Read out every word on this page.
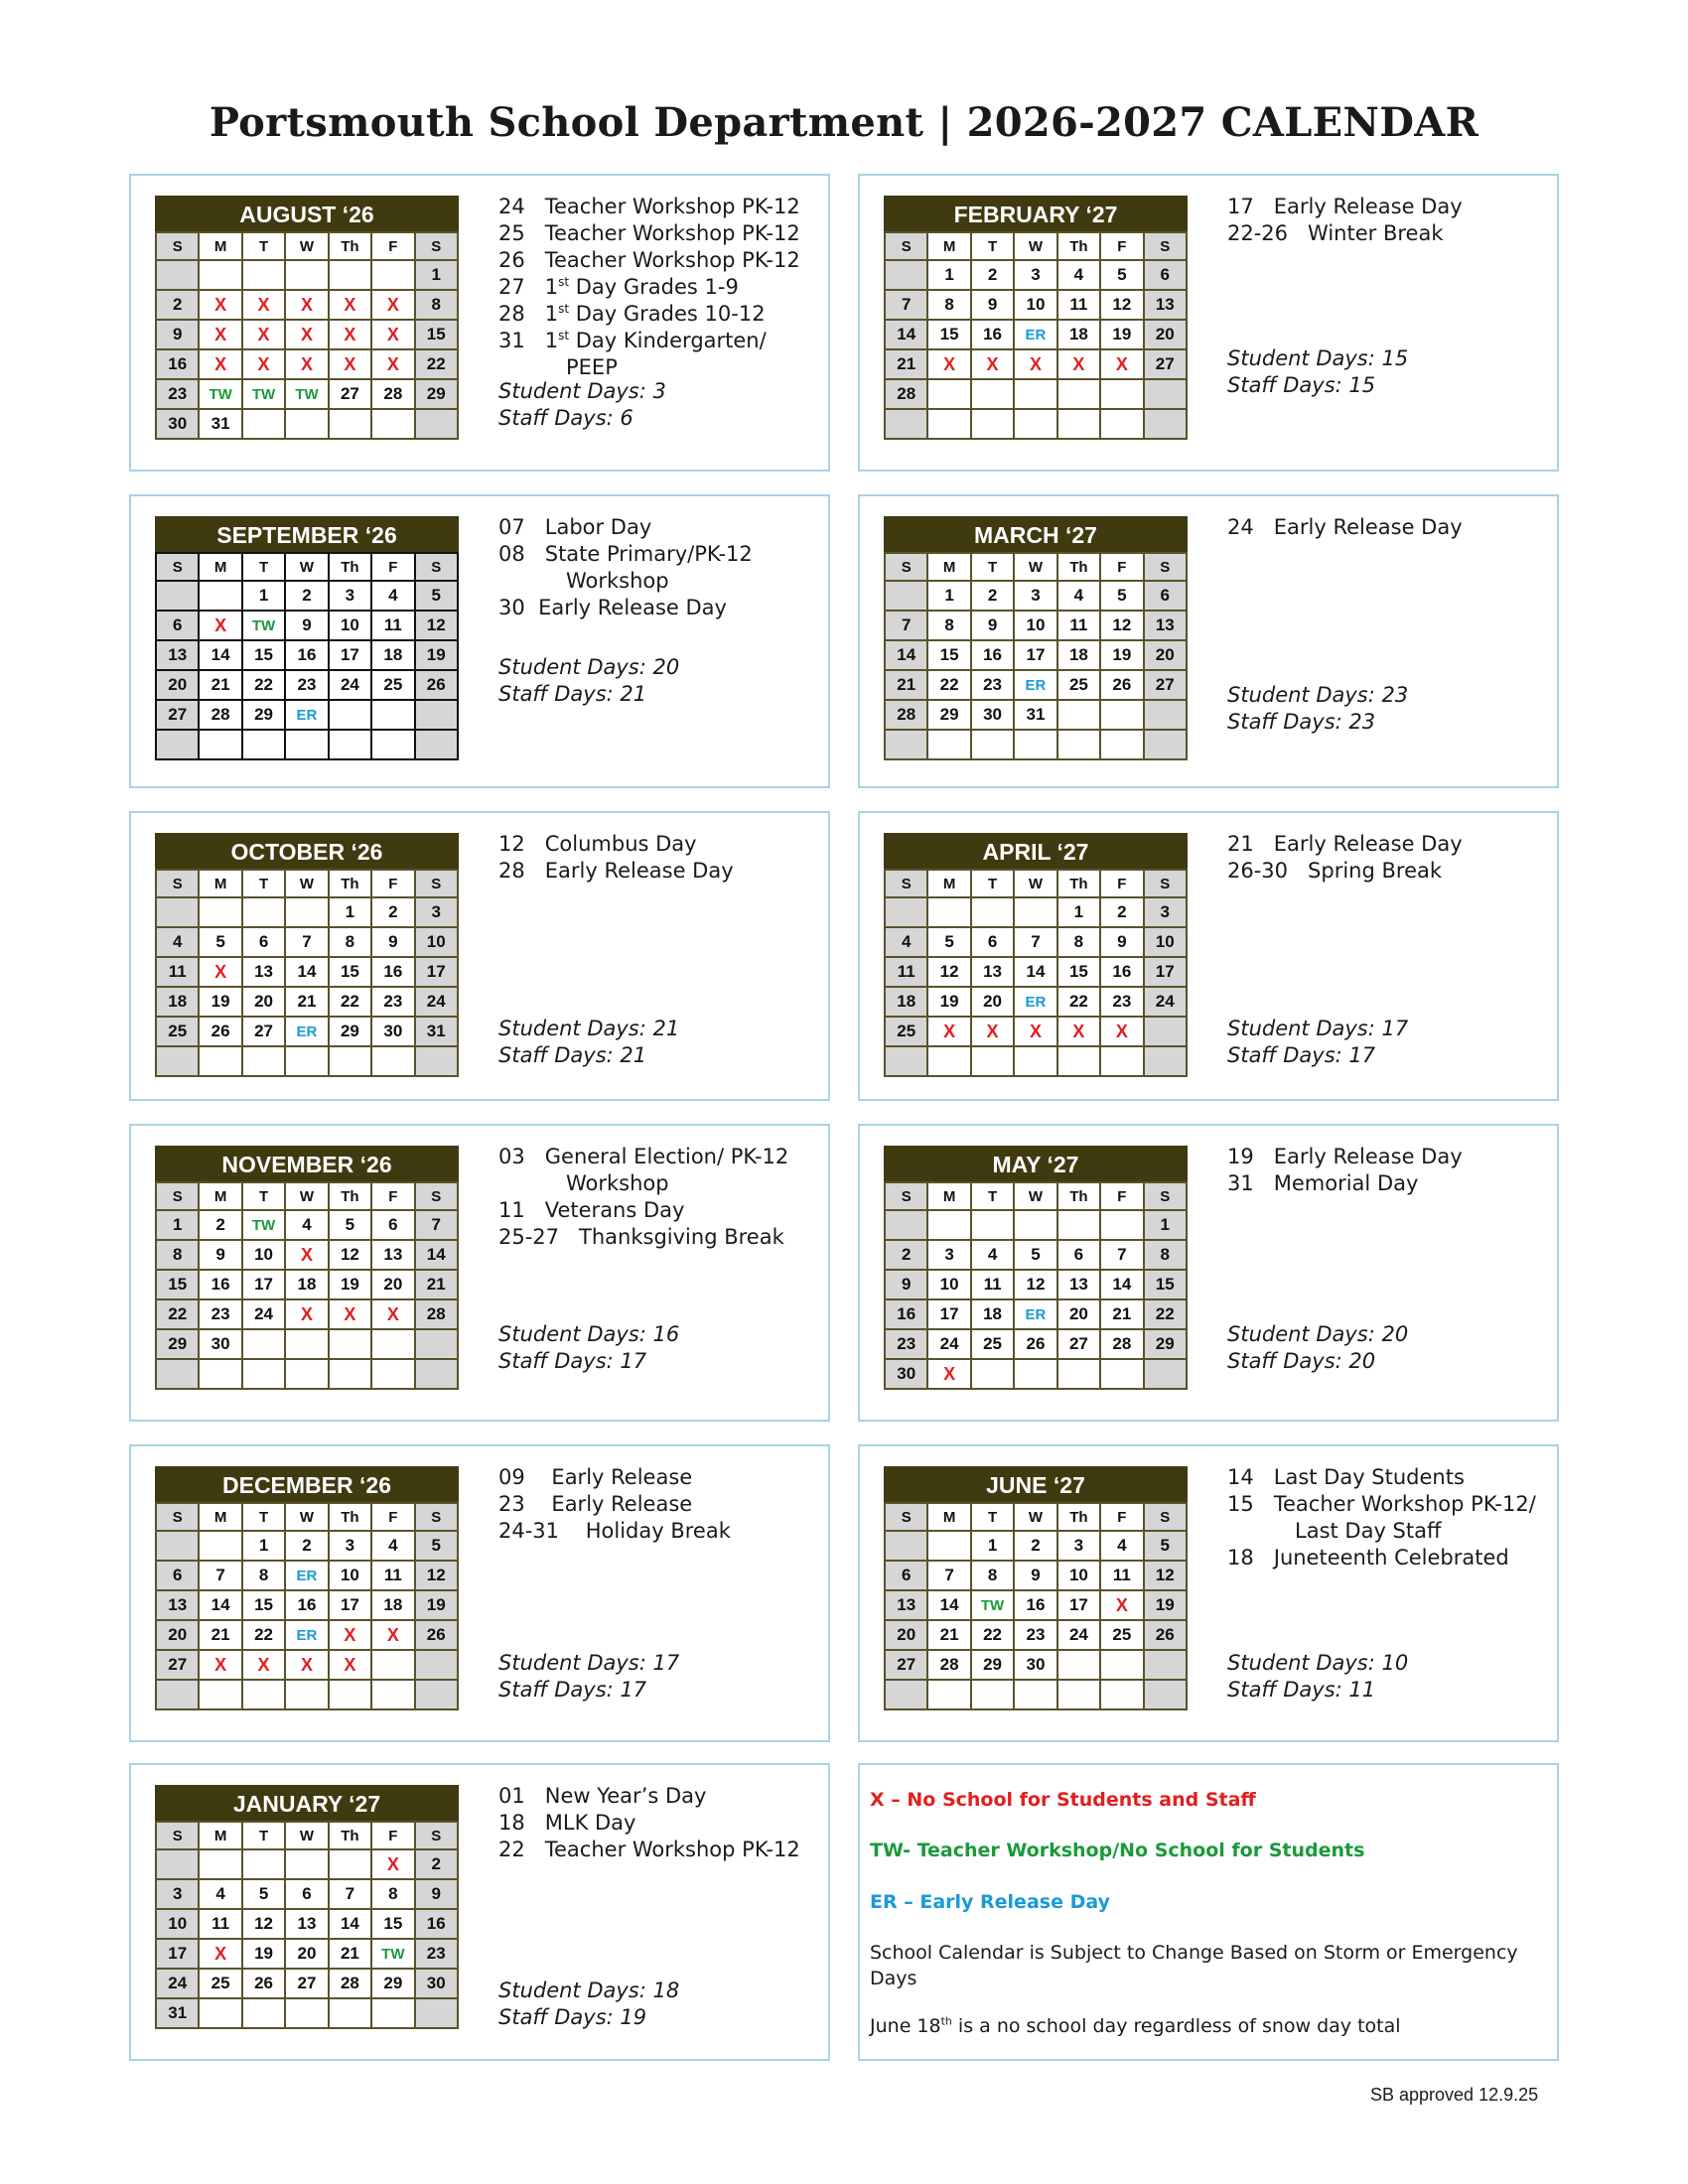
Portsmouth School Department | 2026-2027 CALENDAR
AUGUST ‘26
S	M	T	W	Th	F	S
						1
2	X	X	X	X	X	8
9	X	X	X	X	X	15
16	X	X	X	X	X	22
23	TW	TW	TW	27	28	29
30	31					
24   Teacher Workshop PK-12
25   Teacher Workshop PK-12
26   Teacher Workshop PK-12
27   1st Day Grades 1-9
28   1st Day Grades 10-12
31   1st Day Kindergarten/
PEEP
Student Days: 3
Staff Days: 6
FEBRUARY ‘27
S	M	T	W	Th	F	S
	1	2	3	4	5	6
7	8	9	10	11	12	13
14	15	16	ER	18	19	20
21	X	X	X	X	X	27
28						

17   Early Release Day
22-26   Winter Break
Student Days: 15
Staff Days: 15
SEPTEMBER ‘26
S	M	T	W	Th	F	S
		1	2	3	4	5
6	X	TW	9	10	11	12
13	14	15	16	17	18	19
20	21	22	23	24	25	26
27	28	29	ER			

07   Labor Day
08   State Primary/PK-12
Workshop
30  Early Release Day
Student Days: 20
Staff Days: 21
MARCH ‘27
S	M	T	W	Th	F	S
	1	2	3	4	5	6
7	8	9	10	11	12	13
14	15	16	17	18	19	20
21	22	23	ER	25	26	27
28	29	30	31			

24   Early Release Day
Student Days: 23
Staff Days: 23
OCTOBER ‘26
S	M	T	W	Th	F	S
				1	2	3
4	5	6	7	8	9	10
11	X	13	14	15	16	17
18	19	20	21	22	23	24
25	26	27	ER	29	30	31

12   Columbus Day
28   Early Release Day
Student Days: 21
Staff Days: 21
APRIL ‘27
S	M	T	W	Th	F	S
				1	2	3
4	5	6	7	8	9	10
11	12	13	14	15	16	17
18	19	20	ER	22	23	24
25	X	X	X	X	X	

21   Early Release Day
26-30   Spring Break
Student Days: 17
Staff Days: 17
NOVEMBER ‘26
S	M	T	W	Th	F	S
1	2	TW	4	5	6	7
8	9	10	X	12	13	14
15	16	17	18	19	20	21
22	23	24	X	X	X	28
29	30					

03   General Election/ PK-12
Workshop
11   Veterans Day
25-27   Thanksgiving Break
Student Days: 16
Staff Days: 17
MAY ‘27
S	M	T	W	Th	F	S
						1
2	3	4	5	6	7	8
9	10	11	12	13	14	15
16	17	18	ER	20	21	22
23	24	25	26	27	28	29
30	X					
19   Early Release Day
31   Memorial Day
Student Days: 20
Staff Days: 20
DECEMBER ‘26
S	M	T	W	Th	F	S
		1	2	3	4	5
6	7	8	ER	10	11	12
13	14	15	16	17	18	19
20	21	22	ER	X	X	26
27	X	X	X	X		

09    Early Release
23    Early Release
24-31    Holiday Break
Student Days: 17
Staff Days: 17
JUNE ‘27
S	M	T	W	Th	F	S
		1	2	3	4	5
6	7	8	9	10	11	12
13	14	TW	16	17	X	19
20	21	22	23	24	25	26
27	28	29	30			

14   Last Day Students
15   Teacher Workshop PK-12/
Last Day Staff
18   Juneteenth Celebrated
Student Days: 10
Staff Days: 11
JANUARY ‘27
S	M	T	W	Th	F	S
					X	2
3	4	5	6	7	8	9
10	11	12	13	14	15	16
17	X	19	20	21	TW	23
24	25	26	27	28	29	30
31						
01   New Year’s Day
18   MLK Day
22   Teacher Workshop PK-12
Student Days: 18
Staff Days: 19
X – No School for Students and Staff
TW- Teacher Workshop/No School for Students
ER – Early Release Day
School Calendar is Subject to Change Based on Storm or Emergency Days
June 18th is a no school day regardless of snow day total
SB approved 12.9.25
